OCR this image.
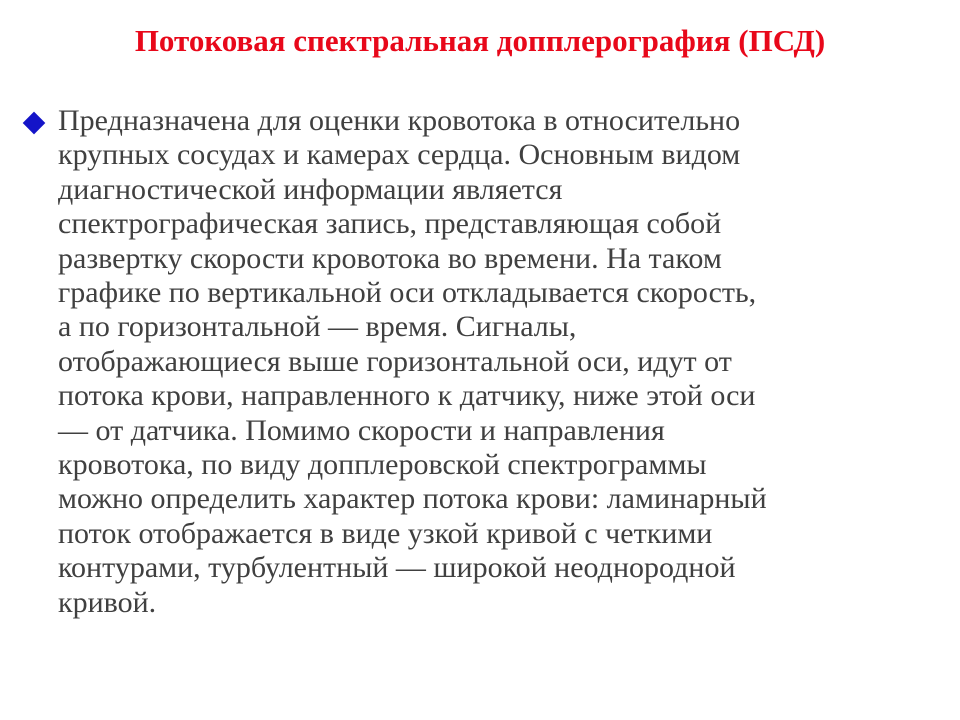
Потоковая спектральная допплерография (ПСД)

Предназначена для оценки кровотока в относительно
крупных сосудах и камерах сердца. Основным видом
диагностической информации является
спектрографическая запись, представляющая собой
развертку скорости кровотока во времени. На таком
графике по вертикальной оси откладывается скорость,
а по горизонтальной — время. Сигналы,
отображающиеся выше горизонтальной оси, идут от
потока крови, направленного к датчику, ниже этой оси
— от датчика. Помимо скорости и направления
кровотока, по виду допплеровской спектрограммы
можно определить характер потока крови: ламинарный
поток отображается в виде узкой кривой с четкими
контурами, турбулентный — широкой неоднородной
кривой.
